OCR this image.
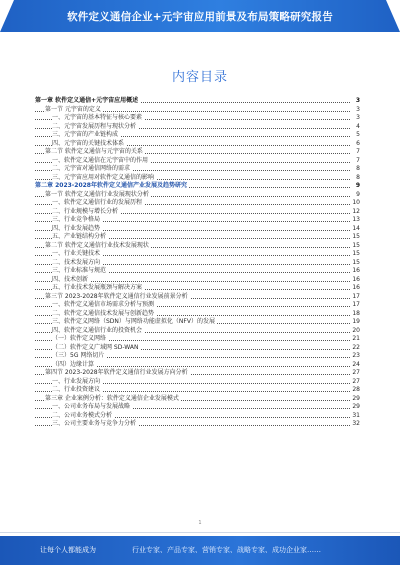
软件定义通信企业+元宇宙应用前景及布局策略研究报告
内容目录
第一章 软件定义通信+元宇宙应用概述	3
第一节 元宇宙的定义	3
一、元宇宙的基本特征与核心要素	3
二、元宇宙发展历程与现状分析	4
三、元宇宙的产业链构成	5
四、元宇宙的关键技术体系	6
第二节 软件定义通信与元宇宙的关系	7
一、软件定义通信在元宇宙中的作用	7
二、元宇宙对通信网络的需求	8
三、元宇宙应用对软件定义通信的影响	8
第二章 2023-2028年软件定义通信产业发展及趋势研究	9
第一节 软件定义通信行业发展现状分析	9
一、软件定义通信行业的发展历程	10
二、行业规模与增长分析	12
三、行业竞争格局	13
四、行业发展趋势	14
五、产业链结构分析	15
第二节 软件定义通信行业技术发展现状	15
一、行业关键技术	15
二、技术发展方向	15
三、行业标准与规范	16
四、技术创新	16
五、行业技术发展瓶颈与解决方案	16
第三节 2023-2028年软件定义通信行业发展前景分析	17
一、软件定义通信市场需求分析与预测	17
二、软件定义通信技术发展与创新趋势	18
三、软件定义网络（SDN）与网络功能虚拟化（NFV）的发展	19
四、软件定义通信行业的投资机会	20
（一）软件定义网络	21
（二）软件定义广域网 SD-WAN	22
（三）5G 网络切片	23
（四）边缘计算	24
第四节 2023-2028年软件定义通信行业发展方向分析	27
一、行业发展方向	27
二、行业投资建议	28
第三章 企业案例分析：软件定义通信企业发展模式	29
一、公司业务布局与发展战略	29
二、公司业务模式分析	31
三、公司主要业务与竞争力分析	32
1
让每个人都能成为	行业专家、产品专家、营销专家、战略专家、成功企业家……
